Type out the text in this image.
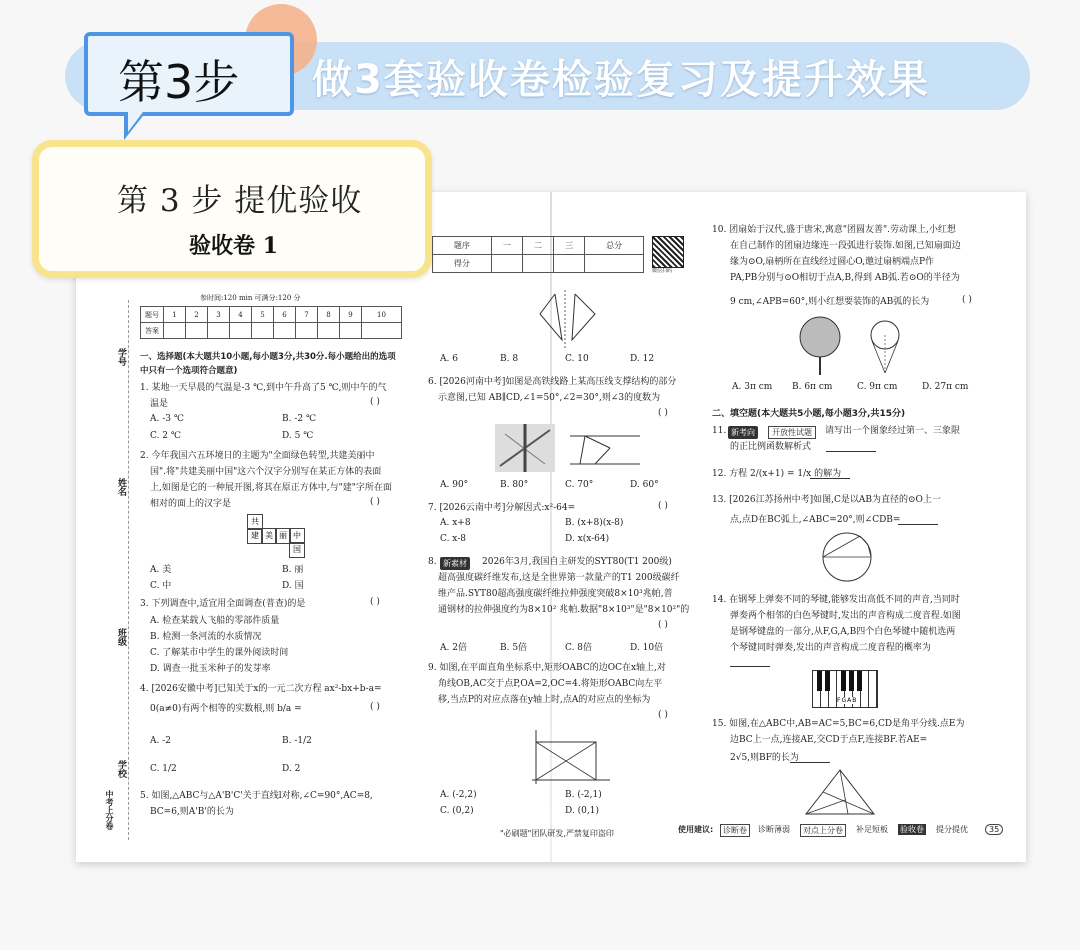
做3套验收卷检验复习及提升效果
第3步
参时间:120 min 可满分:120 分
题号	1	2	3	4	5	6	7	8	9	10
答案										
学号
姓名
班级
学校
中考上分卷
一、选择题(本大题共10小题,每小题3分,共30分.每小题给出的选项中只有一个选项符合题意)
1. 某地一天早晨的气温是-3 ℃,到中午升高了5 ℃,则中午的气
温是	( )
A. -3 ℃	B. -2 ℃
C. 2 ℃	D. 5 ℃
2. 今年我国六五环境日的主题为"全面绿色转型,共建美丽中
国".将"共建美丽中国"这六个汉字分别写在某正方体的表面
上,如图是它的一种展开图,将其在原正方体中,与"建"字所在面
相对的面上的汉字是	( )
共
建 美 丽 中
国
A. 美	B. 丽
C. 中	D. 国
3. 下列调查中,适宜用全面调查(普查)的是	( )
A. 检查某载人飞船的零部件质量
B. 检测一条河流的水质情况
C. 了解某市中学生的课外阅读时间
D. 调查一批玉米种子的发芽率
4. [2026安徽中考]已知关于x的一元二次方程 ax²-bx+b-a=
0(a≠0)有两个相等的实数根,则 b/a =	( )
A. -2	B. -1/2
C. 1/2	D. 2
5. 如图,△ABC与△A'B'C'关于直线l对称,∠C=90°,AC=8,
BC=6,则A'B'的长为
题序	一	二	三	总分
得分				
微信扫码
A. 6	B. 8	C. 10	D. 12
6. [2026河南中考]如图是高铁线路上某高压线支撑结构的部分
示意图,已知 AB∥CD,∠1=50°,∠2=30°,则∠3的度数为
( )
A. 90°	B. 80°	C. 70°	D. 60°
7. [2026云南中考]分解因式:x²-64=	( )
A. x+8	B. (x+8)(x-8)
C. x-8	D. x(x-64)
8. 新素材	2026年3月,我国自主研发的SYT80(T1 200级)
超高强度碳纤维发布,这是全世界第一款量产的T1 200级碳纤
维产品.SYT80超高强度碳纤维拉伸强度突破8×10³兆帕,普
通钢材的拉伸强度约为8×10² 兆帕.数据"8×10³"是"8×10²"的
( )
A. 2倍	B. 5倍	C. 8倍	D. 10倍
9. 如图,在平面直角坐标系中,矩形OABC的边OC在x轴上,对
角线OB,AC交于点P,OA=2,OC=4.将矩形OABC向左平
移,当点P的对应点落在y轴上时,点A的对应点的坐标为
( )
A. (-2,2)	B. (-2,1)
C. (0,2)	D. (0,1)
"必刷题"团队研发,严禁复印盗印
10. 团扇始于汉代,盛于唐宋,寓意"团圆友善".劳动课上,小红想
在自己制作的团扇边缘连一段弧进行装饰.如图,已知扇面边
缘为⊙O,扇柄所在直线经过圆心O,邀过扇柄端点P作
PA,PB分别与⊙O相切于点A,B,得到 AB弧.若⊙O的半径为
9 cm,∠APB=60°,则小红想要装饰的AB弧的长为	( )
A. 3π cm B. 6π cm	C. 9π cm	D. 27π cm
二、填空题(本大题共5小题,每小题3分,共15分)
11. 新考向	开放性试题	请写出一个图象经过第一、三象限
的正比例函数解析式
12. 方程 2/(x+1) = 1/x 的解为
13. [2026江苏扬州中考]如图,C是以AB为直径的⊙O上一
点,点D在BC弧上,∠ABC=20°,则∠CDB=
14. 在钢琴上弹奏不同的琴键,能够发出高低不同的声音,当同时
弹奏两个相邻的白色琴键时,发出的声音构成二度音程.如图
是钢琴键盘的一部分,从F,G,A,B四个白色琴键中随机选两
个琴键同时弹奏,发出的声音构成二度音程的概率为
FGAB
15. 如图,在△ABC中,AB=AC=5,BC=6,CD是角平分线.点E为
边BC上一点,连接AE,交CD于点F,连接BF.若AE=
2√5,则BF的长为
使用建议:	诊断卷	诊断薄弱	对点上分卷	补足短板 验收卷 提分提优	35
第 3 步 提优验收
验收卷 1
